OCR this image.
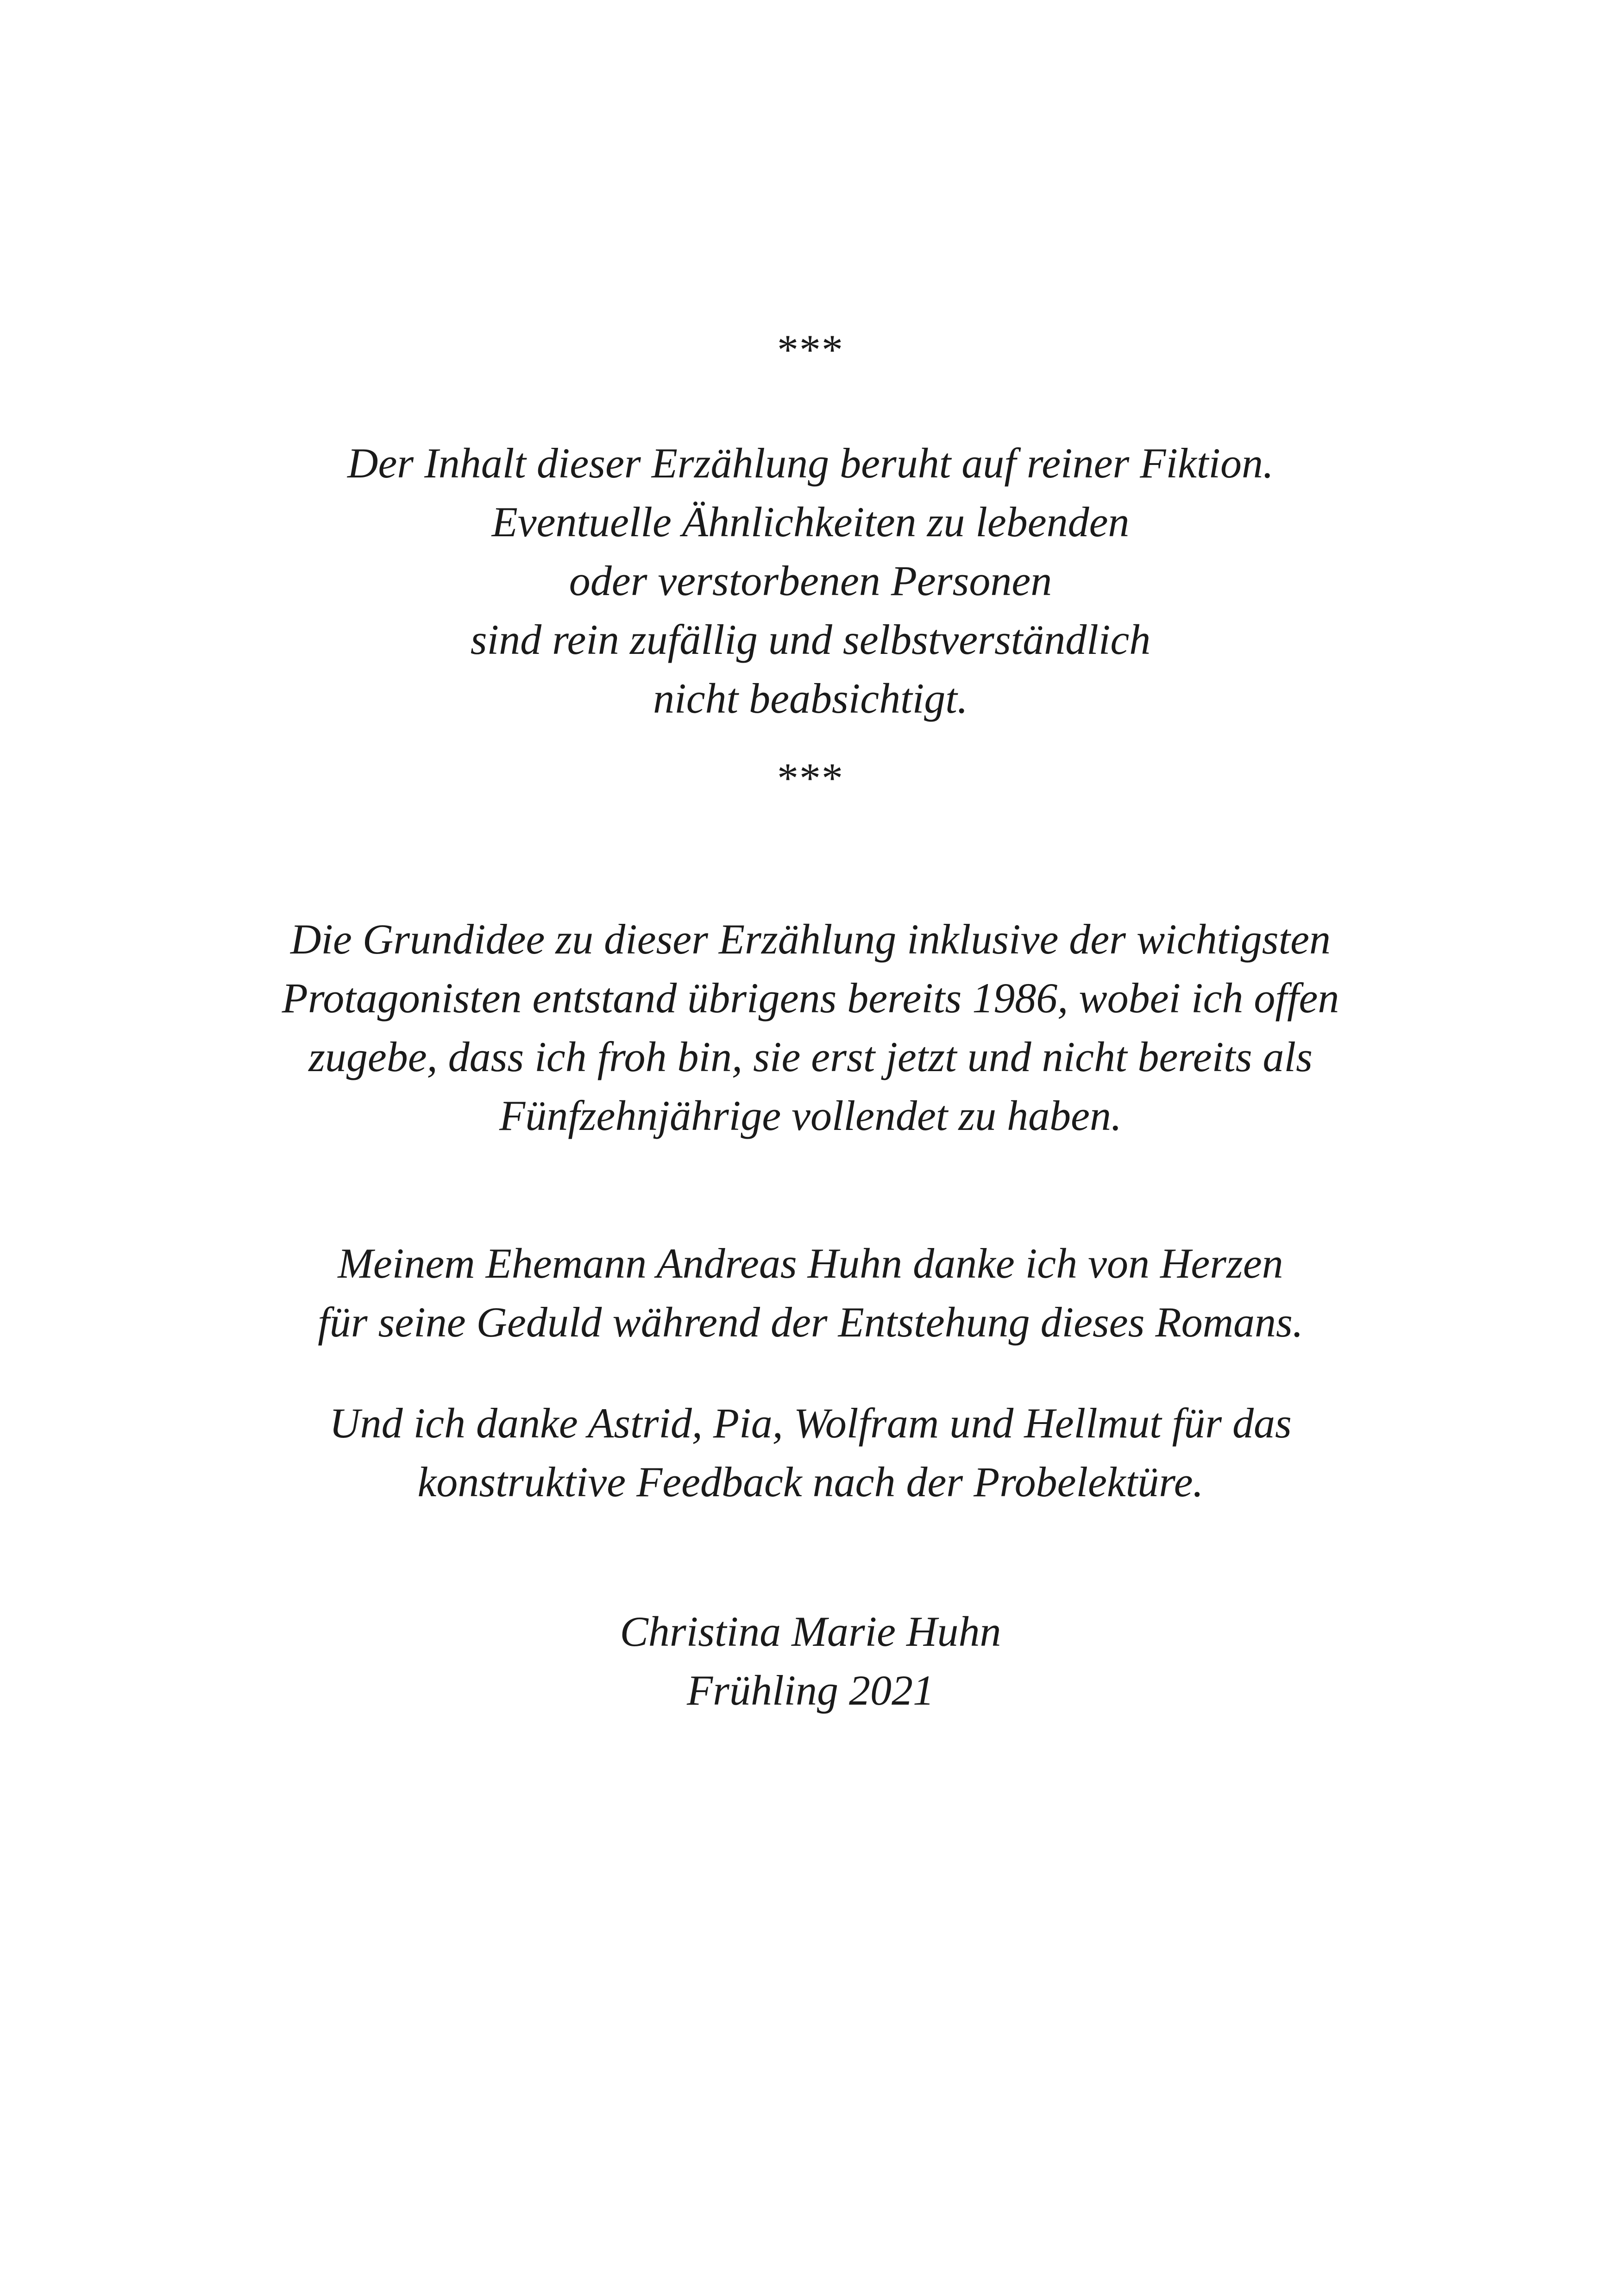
***
Der Inhalt dieser Erzählung beruht auf reiner Fiktion.
Eventuelle Ähnlichkeiten zu lebenden
oder verstorbenen Personen
sind rein zufällig und selbstverständlich
nicht beabsichtigt.
***
Die Grundidee zu dieser Erzählung inklusive der wichtigsten
Protagonisten entstand übrigens bereits 1986, wobei ich offen
zugebe, dass ich froh bin, sie erst jetzt und nicht bereits als
Fünfzehnjährige vollendet zu haben.
Meinem Ehemann Andreas Huhn danke ich von Herzen
für seine Geduld während der Entstehung dieses Romans.
Und ich danke Astrid, Pia, Wolfram und Hellmut für das
konstruktive Feedback nach der Probelektüre.
Christina Marie Huhn
Frühling 2021
